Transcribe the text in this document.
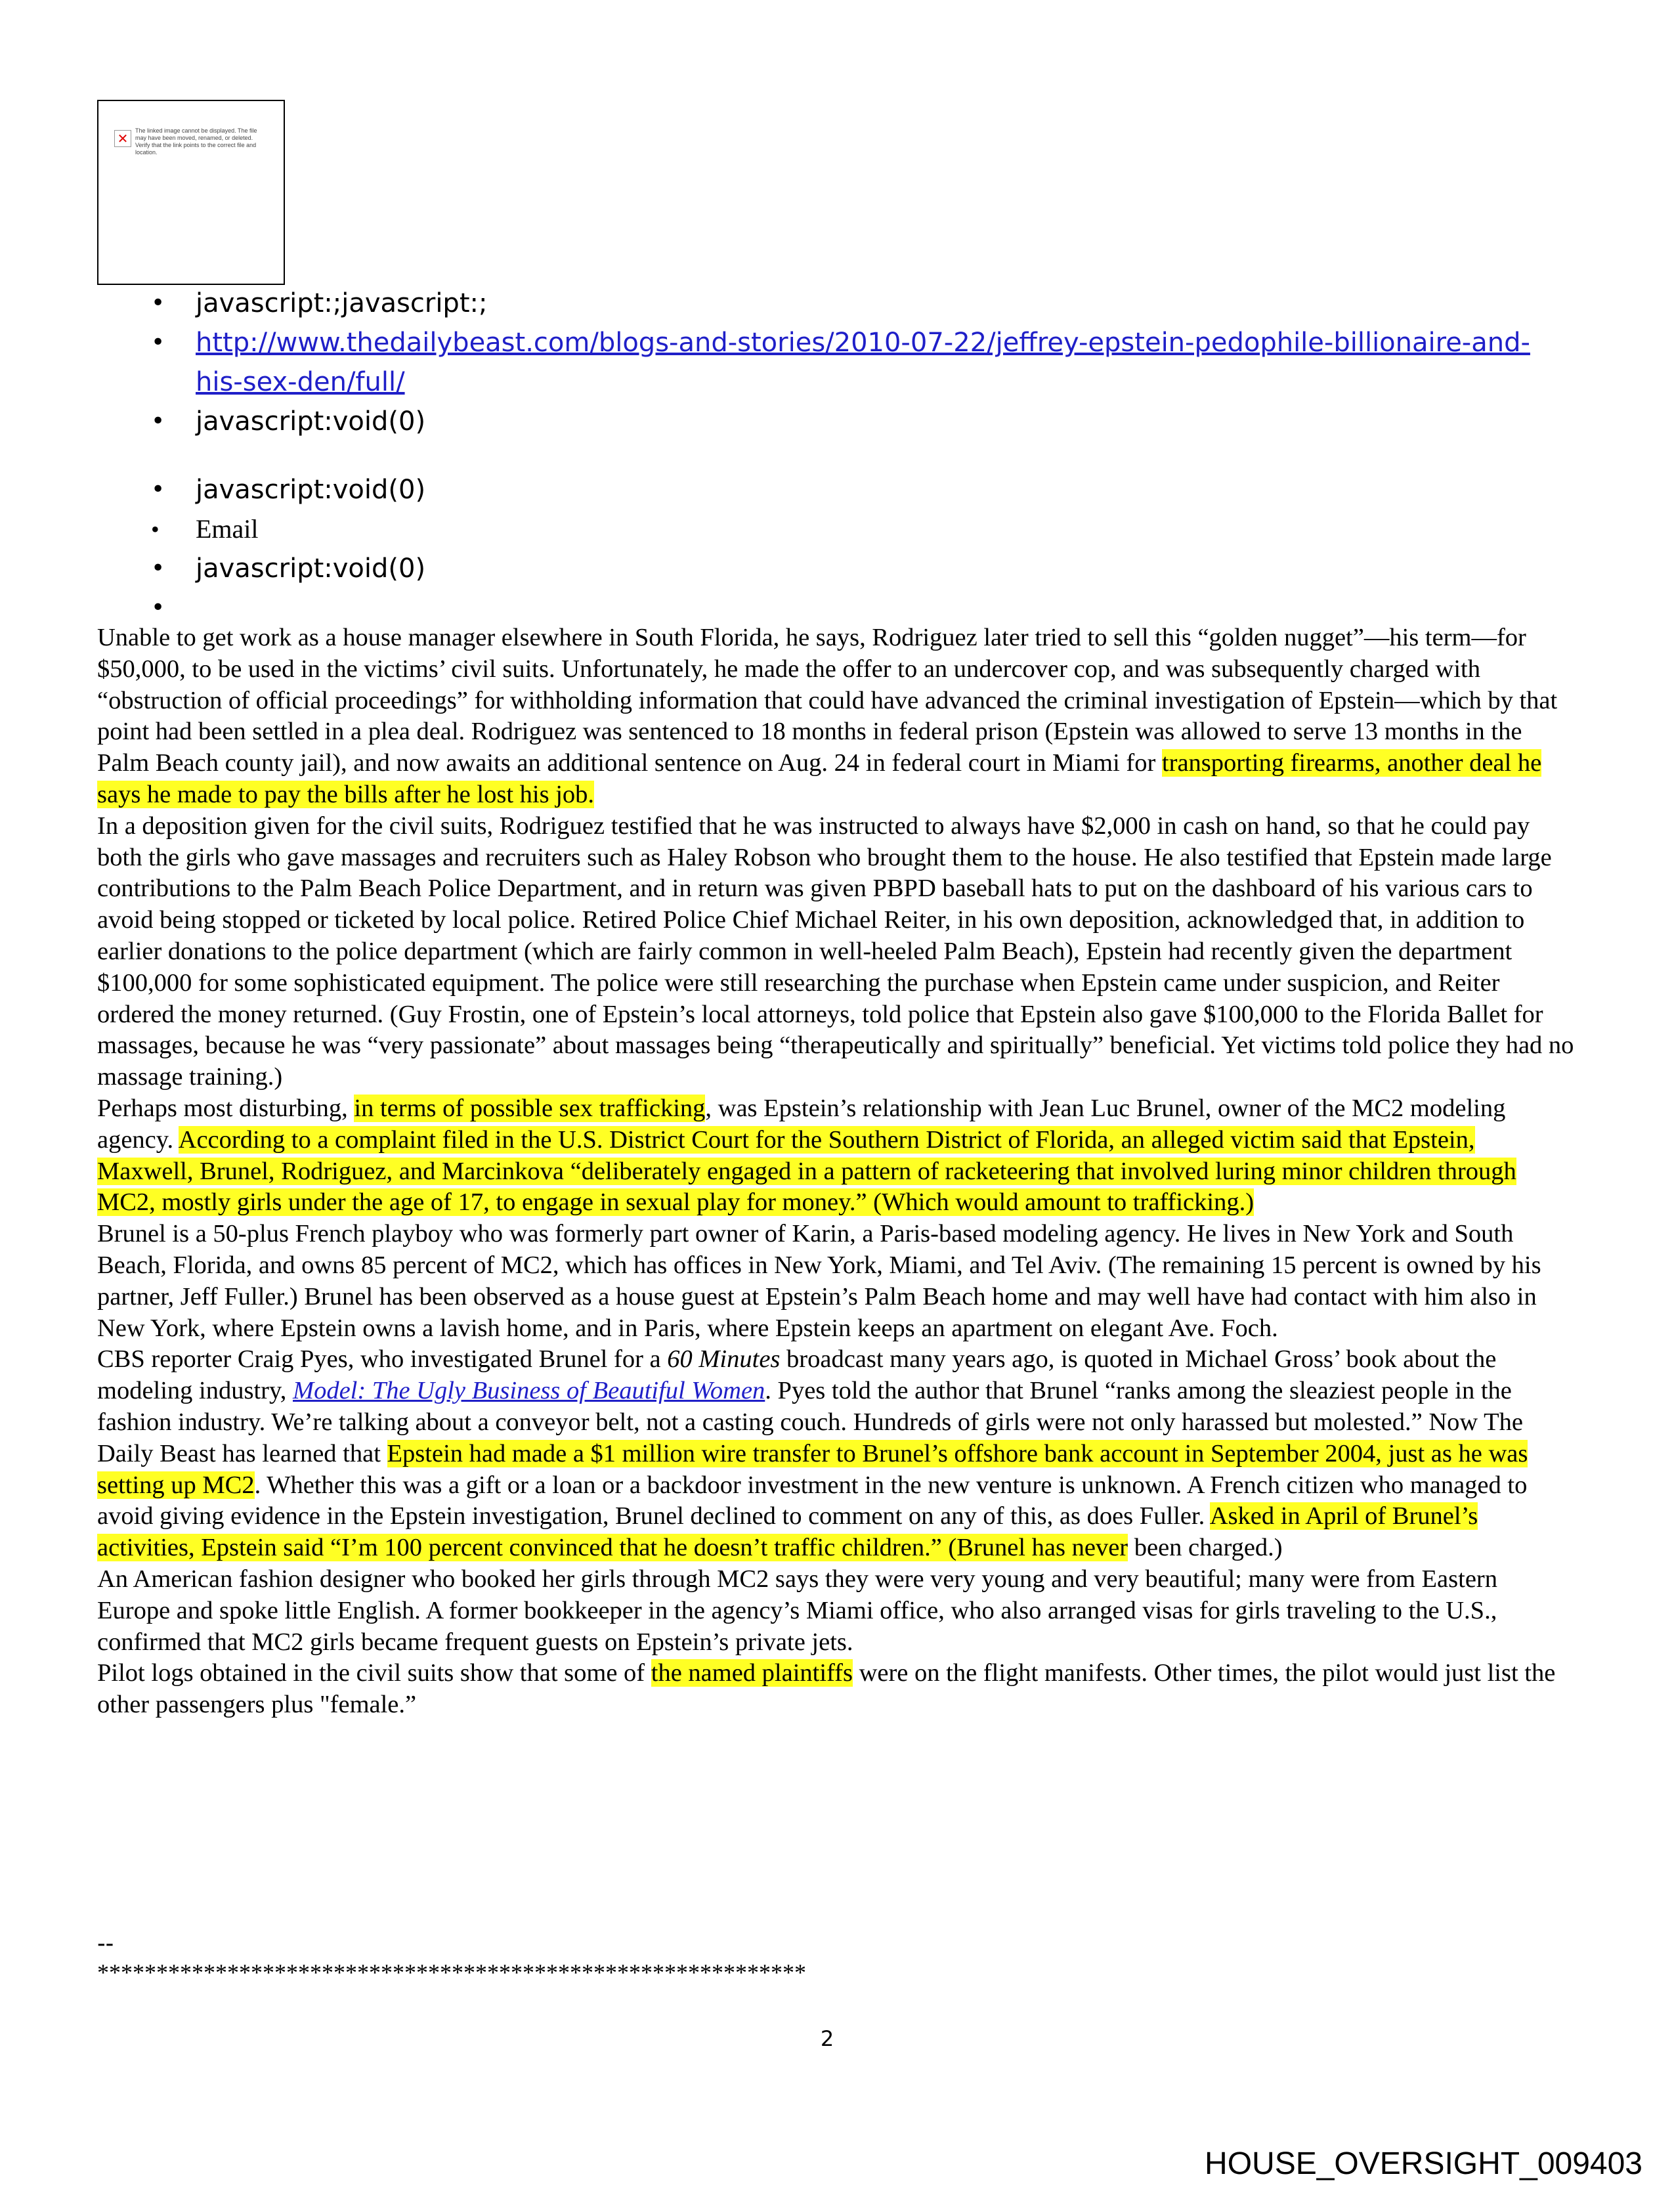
✕	The linked image cannot be displayed. The file may have been moved, renamed, or deleted. Verify that the link points to the correct file and location.
• javascript:;javascript:;
• http://www.thedailybeast.com/blogs-and-stories/2010-07-22/jeffrey-epstein-pedophile-billionaire-and-his-sex-den/full/
• javascript:void(0)
• javascript:void(0)
• Email
• javascript:void(0)
•

Unable to get work as a house manager elsewhere in South Florida, he says, Rodriguez later tried to sell this “golden nugget”—his term—for $50,000, to be used in the victims’ civil suits. Unfortunately, he made the offer to an undercover cop, and was subsequently charged with “obstruction of official proceedings” for withholding information that could have advanced the criminal investigation of Epstein—which by that point had been settled in a plea deal. Rodriguez was sentenced to 18 months in federal prison (Epstein was allowed to serve 13 months in the Palm Beach county jail), and now awaits an additional sentence on Aug. 24 in federal court in Miami for transporting firearms, another deal he says he made to pay the bills after he lost his job.

In a deposition given for the civil suits, Rodriguez testified that he was instructed to always have $2,000 in cash on hand, so that he could pay both the girls who gave massages and recruiters such as Haley Robson who brought them to the house. He also testified that Epstein made large contributions to the Palm Beach Police Department, and in return was given PBPD baseball hats to put on the dashboard of his various cars to avoid being stopped or ticketed by local police. Retired Police Chief Michael Reiter, in his own deposition, acknowledged that, in addition to earlier donations to the police department (which are fairly common in well-heeled Palm Beach), Epstein had recently given the department $100,000 for some sophisticated equipment. The police were still researching the purchase when Epstein came under suspicion, and Reiter ordered the money returned. (Guy Frostin, one of Epstein’s local attorneys, told police that Epstein also gave $100,000 to the Florida Ballet for massages, because he was “very passionate” about massages being “therapeutically and spiritually” beneficial. Yet victims told police they had no massage training.)

Perhaps most disturbing, in terms of possible sex trafficking, was Epstein’s relationship with Jean Luc Brunel, owner of the MC2 modeling agency. According to a complaint filed in the U.S. District Court for the Southern District of Florida, an alleged victim said that Epstein, Maxwell, Brunel, Rodriguez, and Marcinkova “deliberately engaged in a pattern of racketeering that involved luring minor children through MC2, mostly girls under the age of 17, to engage in sexual play for money.” (Which would amount to trafficking.)

Brunel is a 50-plus French playboy who was formerly part owner of Karin, a Paris-based modeling agency. He lives in New York and South Beach, Florida, and owns 85 percent of MC2, which has offices in New York, Miami, and Tel Aviv. (The remaining 15 percent is owned by his partner, Jeff Fuller.) Brunel has been observed as a house guest at Epstein’s Palm Beach home and may well have had contact with him also in New York, where Epstein owns a lavish home, and in Paris, where Epstein keeps an apartment on elegant Ave. Foch.

CBS reporter Craig Pyes, who investigated Brunel for a 60 Minutes broadcast many years ago, is quoted in Michael Gross’ book about the modeling industry, Model: The Ugly Business of Beautiful Women. Pyes told the author that Brunel “ranks among the sleaziest people in the fashion industry. We’re talking about a conveyor belt, not a casting couch. Hundreds of girls were not only harassed but molested.” Now The Daily Beast has learned that Epstein had made a $1 million wire transfer to Brunel’s offshore bank account in September 2004, just as he was setting up MC2. Whether this was a gift or a loan or a backdoor investment in the new venture is unknown. A French citizen who managed to avoid giving evidence in the Epstein investigation, Brunel declined to comment on any of this, as does Fuller. Asked in April of Brunel’s activities, Epstein said “I’m 100 percent convinced that he doesn’t traffic children.” (Brunel has never been charged.)

An American fashion designer who booked her girls through MC2 says they were very young and very beautiful; many were from Eastern Europe and spoke little English. A former bookkeeper in the agency’s Miami office, who also arranged visas for girls traveling to the U.S., confirmed that MC2 girls became frequent guests on Epstein’s private jets.

Pilot logs obtained in the civil suits show that some of the named plaintiffs were on the flight manifests. Other times, the pilot would just list the other passengers plus "female.”

--
************************************************************
2
HOUSE_OVERSIGHT_009403
